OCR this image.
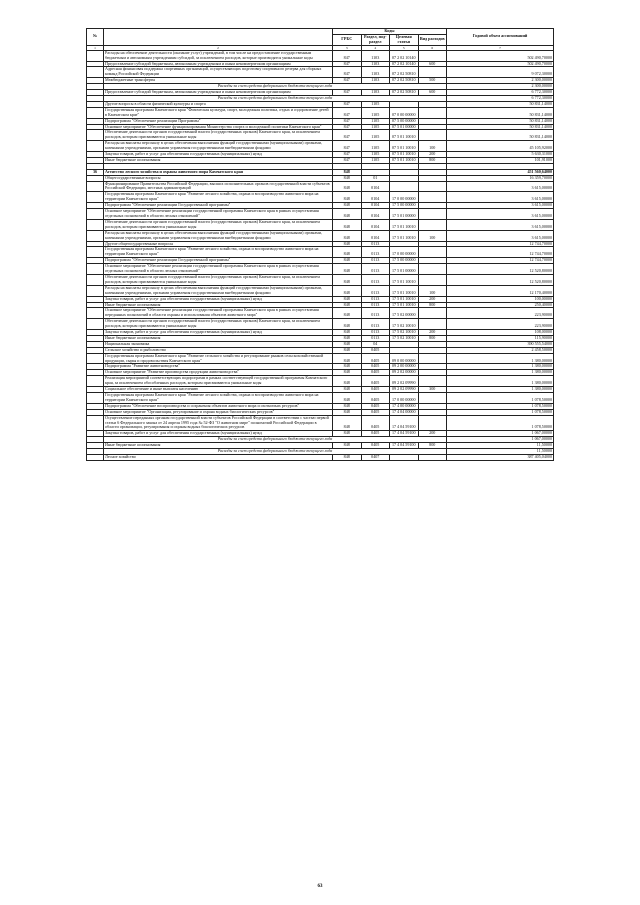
№		Коды				Годовой объем ассигнований
		ГРБС	Раздел, под- раздел	Целевая статья	Вид расходов	
1	2	3	4	5	6	7
	Расходы на обеспечение деятельности (оказание услуг) учреждений, в том числе на предоставление государственным бюджетным и автономным учреждениям субсидий, за исключением расходов, которые производятся уникальные коды	847	1103	07 2 02 10140		502 490,70000
	Предоставление субсидий бюджетным, автономным учреждениям и иным некоммерческим организациям	847	1103	07 2 02 10140	600	502 490,70000
	Адресная финансовая поддержка спортивных организаций, осуществляющих подготовку спортивного резерва для сборных команд Российской Федерации	847	1103	07 2 02 50810		9 072,30000
	Межбюджетные трансферты	847	1103	07 2 02 50810	500	2 300,00000
	Расходы за счет средств федерального бюджета текущего года					2 300,00000
	Предоставление субсидий бюджетным, автономным учреждениям и иным некоммерческим организациям	847	1103	07 2 02 50810	600	6 772,30000
	Расходы за счет средств федерального бюджета текущего года					6 772,30000
	Другие вопросы в области физической культуры и спорта	847	1105			50 831,14000
	Государственная программа Камчатского края "Физическая культура, спорт, молодежная политика, отдых и оздоровление детей в Камчатском крае"	847	1105	07 0 00 00000		50 831,14000
	Подпрограмма "Обеспечение реализации Программы"	847	1105	07 5 00 00000		50 831,14000
	Основное мероприятие "Обеспечение функционирования Министерства спорта и молодежной политики Камчатского края"	847	1105	07 5 01 00000		50 831,14000
	Обеспечение деятельности органов государственной власти (государственных органов) Камчатского края, за исключением расходов, которым присваиваются уникальные коды	847	1105	07 5 01 10010		50 831,14000
	Расходы на выплаты персоналу в целях обеспечения выполнения функций государственными (муниципальными) органами, казенными учреждениями, органами управления государственными внебюджетными фондами	847	1105	07 5 01 10010	100	45 105,92000
	Закупка товаров, работ и услуг для обеспечения государственных (муниципальных) нужд	847	1105	07 5 01 10010	200	5 630,31000
	Иные бюджетные ассигнования	847	1105	07 5 01 10010	800	101,91000

36	Агентство лесного хозяйства и охраны животного мира Камчатского края	848				451 560,64000
	Общегосударственные вопросы	848	01			16 359,70000
	Функционирование Правительства Российской Федерации, высших исполнительных органов государственной власти субъектов Российской Федерации, местных администраций	848	0104			3 615,00000
	Государственная программа Камчатского края "Развитие лесного хозяйства, охрана и воспроизводство животного мира на территории Камчатского края"	848	0104	17 0 00 00000		3 615,00000
	Подпрограмма "Обеспечение реализации Государственной программы"	848	0104	17 5 00 00000		3 615,00000
	Основное мероприятие "Обеспечение реализации государственной программы Камчатского края в рамках осуществления отдельных полномочий в области лесных отношений"	848	0104	17 5 01 00000		3 615,00000
	Обеспечение деятельности органов государственной власти (государственных органов) Камчатского края, за исключением расходов, которым присваиваются уникальные коды	848	0104	17 5 01 10010		3 615,00000
	Расходы на выплаты персоналу в целях обеспечения выполнения функций государственными (муниципальными) органами, казенными учреждениями, органами управления государственными внебюджетными фондами	848	0104	17 5 01 10010	100	3 615,00000
	Другие общегосударственные вопросы	848	0113			12 744,70000
	Государственная программа Камчатского края "Развитие лесного хозяйства, охрана и воспроизводство животного мира на территории Камчатского края"	848	0113	17 0 00 00000		12 744,70000
	Подпрограмма "Обеспечение реализации Государственной программы"	848	0113	17 5 00 00000		12 744,70000
	Основное мероприятие "Обеспечение реализации государственной программы Камчатского края в рамках осуществления отдельных полномочий в области лесных отношений"	848	0113	17 5 01 00000		12 520,80000
	Обеспечение деятельности органов государственной власти (государственных органов) Камчатского края, за исключением расходов, которым присваиваются уникальные коды	848	0113	17 5 01 10010		12 520,80000
	Расходы на выплаты персоналу в целях обеспечения выполнения функций государственными (муниципальными) органами, казенными учреждениями, органами управления государственными внебюджетными фондами	848	0113	17 5 01 10010	100	12 170,40000
	Закупка товаров, работ и услуг для обеспечения государственных (муниципальных) нужд	848	0113	17 5 01 10010	200	100,00000
	Иные бюджетные ассигнования	848	0113	17 5 01 10010	800	250,40000
	Основное мероприятие "Обеспечение реализации государственной программы Камчатского края в рамках осуществления переданных полномочий в области охраны и использования объектов животного мира"	848	0113	17 5 02 00000		223,90000
	Обеспечение деятельности органов государственной власти (государственных органов) Камчатского края, за исключением расходов, которым присваиваются уникальные коды	848	0113	17 5 02 10010		223,90000
	Закупка товаров, работ и услуг для обеспечения государственных (муниципальных) нужд	848	0113	17 5 02 10010	200	108,00000
	Иные бюджетные ассигнования	848	0113	17 5 02 10010	800	115,90000
	Национальная экономика	848	04			390 555,54000
	Сельское хозяйство и рыболовство	848	0405			2 458,50000
	Государственная программа Камчатского края "Развитие сельского хозяйства и регулирование рынков сельскохозяйственной продукции, сырья и продовольствия Камчатского края"	848	0405	09 0 00 00000		1 380,00000
	Подпрограмма "Развитие животноводства"	848	0405	09 2 00 00000		1 380,00000
	Основное мероприятие "Развитие производства продукции животноводства"	848	0405	09 2 02 00000		1 380,00000
	Реализация мероприятий соответствующих подпрограмм в рамках соответствующей государственной программы Камчатского края, за исключением обособленных расходов, которым присваиваются уникальные коды	848	0405	09 2 02 09990		1 380,00000
	Социальное обеспечение и иные выплаты населению	848	0405	09 2 02 09990	300	1 380,00000
	Государственная программа Камчатского края "Развитие лесного хозяйства, охрана и воспроизводство животного мира на территории Камчатского края"	848	0405	17 0 00 00000		1 078,50000
	Подпрограмма "Обеспечение воспроизводства и сохранения объектов животного мира и охотничьих ресурсов"	848	0405	17 4 00 00000		1 078,50000
	Основное мероприятие "Организация, регулирование и охрана водных биологических ресурсов"	848	0405	17 4 04 00000		1 078,50000
	Осуществление переданных органам государственной власти субъектов Российской Федерации в соответствии с частью первой статьи 6 Федерального закона от 24 апреля 1995 года № 52-ФЗ "О животном мире" полномочий Российской Федерации в области организации, регулирования и охраны водных биологических ресурсов	848	0405	17 4 04 59100		1 078,50000
	Закупка товаров, работ и услуг для обеспечения государственных (муниципальных) нужд	848	0405	17 4 04 59100	200	1 067,00000
	Расходы за счет средств федерального бюджета текущего года					1 067,00000
	Иные бюджетные ассигнования	848	0405	17 4 04 59100	800	11,50000
	Расходы за счет средств федерального бюджета текущего года					11,50000
	Лесное хозяйство	848	0407			387 405,04000
63
